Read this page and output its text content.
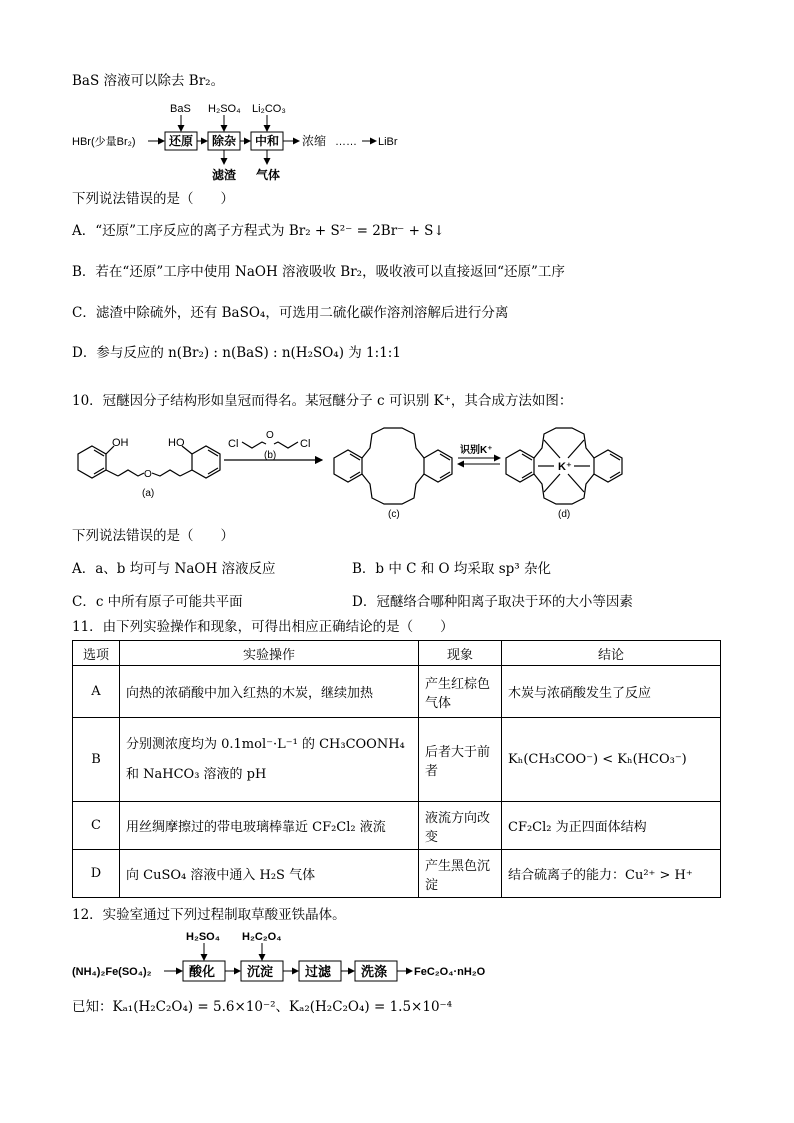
BaS 溶液可以除去 Br₂。
HBr(少量Br₂)	还原 除杂 中和 浓缩 …… LiBr
BaS H₂SO₄ Li₂CO₃
滤渣 气体
下列说法错误的是（　　）
A．“还原”工序反应的离子方程式为 Br₂ + S²⁻ = 2Br⁻ + S↓
B．若在“还原”工序中使用 NaOH 溶液吸收 Br₂，吸收液可以直接返回“还原”工序
C．滤渣中除硫外，还有 BaSO₄，可选用二硫化碳作溶剂溶解后进行分离
D．参与反应的 n(Br₂) : n(BaS) : n(H₂SO₄) 为 1:1:1
10．冠醚因分子结构形如皇冠而得名。某冠醚分子 c 可识别 K⁺，其合成方法如图：
OH	HO
O
(a)
Cl
O
Cl
(b)
(c)
识别K⁺
K⁺
(d)
下列说法错误的是（　　）
A．a、b 均可与 NaOH 溶液反应	B．b 中 C 和 O 均采取 sp³ 杂化
C．c 中所有原子可能共平面	D．冠醚络合哪种阳离子取决于环的大小等因素
11．由下列实验操作和现象，可得出相应正确结论的是（　　）
选项	实验操作	现象	结论
A	向热的浓硝酸中加入红热的木炭，继续加热	产生红棕色气体	木炭与浓硝酸发生了反应
B	分别测浓度均为 0.1mol⁻·L⁻¹ 的 CH₃COONH₄ 和 NaHCO₃ 溶液的 pH	后者大于前者	Kₕ(CH₃COO⁻) < Kₕ(HCO₃⁻)
C	用丝绸摩擦过的带电玻璃棒靠近 CF₂Cl₂ 液流	液流方向改变	CF₂Cl₂ 为正四面体结构
D	向 CuSO₄ 溶液中通入 H₂S 气体	产生黑色沉淀	结合硫离子的能力：Cu²⁺ > H⁺
12．实验室通过下列过程制取草酸亚铁晶体。
(NH₄)₂Fe(SO₄)₂	酸化 沉淀 过滤 洗涤 FeC₂O₄·nH₂O
H₂SO₄ H₂C₂O₄
已知：Kₐ₁(H₂C₂O₄) = 5.6×10⁻²、Kₐ₂(H₂C₂O₄) = 1.5×10⁻⁴
